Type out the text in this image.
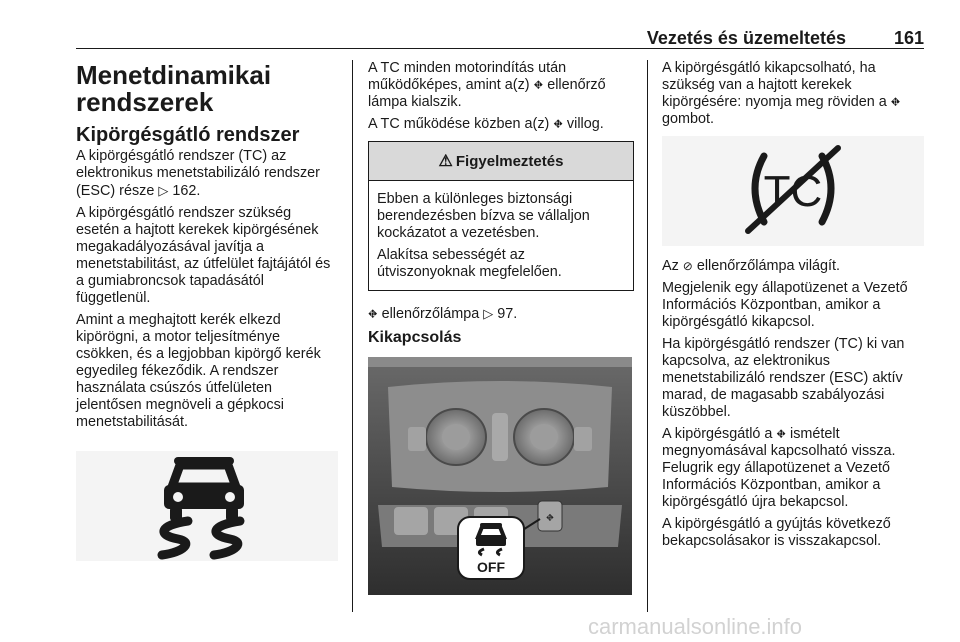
Vezetés és üzemeltetés	161
Menetdinamikai rendszerek
Kipörgésgátló rendszer

A kipörgésgátló rendszer (TC) az elektronikus menetstabilizáló rendszer (ESC) része ▷ 162.

A kipörgésgátló rendszer szükség esetén a hajtott kerekek kipörgésének megakadályozásával javítja a menetstabilitást, az útfelület fajtájától és a gumiabroncsok tapadásától függetlenül.

Amint a meghajtott kerék elkezd kipörögni, a motor teljesítménye csökken, és a legjobban kipörgő kerék egyedileg fékeződik. A rendszer használata csúszós útfelületen jelentősen megnöveli a gépkocsi menetstabilitását.

A TC minden motorindítás után működőképes, amint a(z) ⛖ ellenőrző lámpa kialszik.

A TC működése közben a(z) ⛖ villog.

⚠ Figyelmeztetés

Ebben a különleges biztonsági berendezésben bízva se vállaljon kockázatot a vezetésben.

Alakítsa sebességét az útviszonyoknak megfelelően.

⛖ ellenőrzőlámpa ▷ 97.

Kikapcsolás
⛖
OFF

A kipörgésgátló kikapcsolható, ha szükség van a hajtott kerekek kipörgésére: nyomja meg röviden a ⛖ gombot.

TC

Az ⊘ ellenőrzőlámpa világít.

Megjelenik egy állapotüzenet a Vezető Információs Központban, amikor a kipörgésgátló kikapcsol.

Ha kipörgésgátló rendszer (TC) ki van kapcsolva, az elektronikus menetstabilizáló rendszer (ESC) aktív marad, de magasabb szabályozási küszöbbel.

A kipörgésgátló a ⛖ ismételt megnyomásával kapcsolható vissza. Felugrik egy állapotüzenet a Vezető Információs Központban, amikor a kipörgésgátló újra bekapcsol.

A kipörgésgátló a gyújtás következő bekapcsolásakor is visszakapcsol.

carmanualsonline.info
